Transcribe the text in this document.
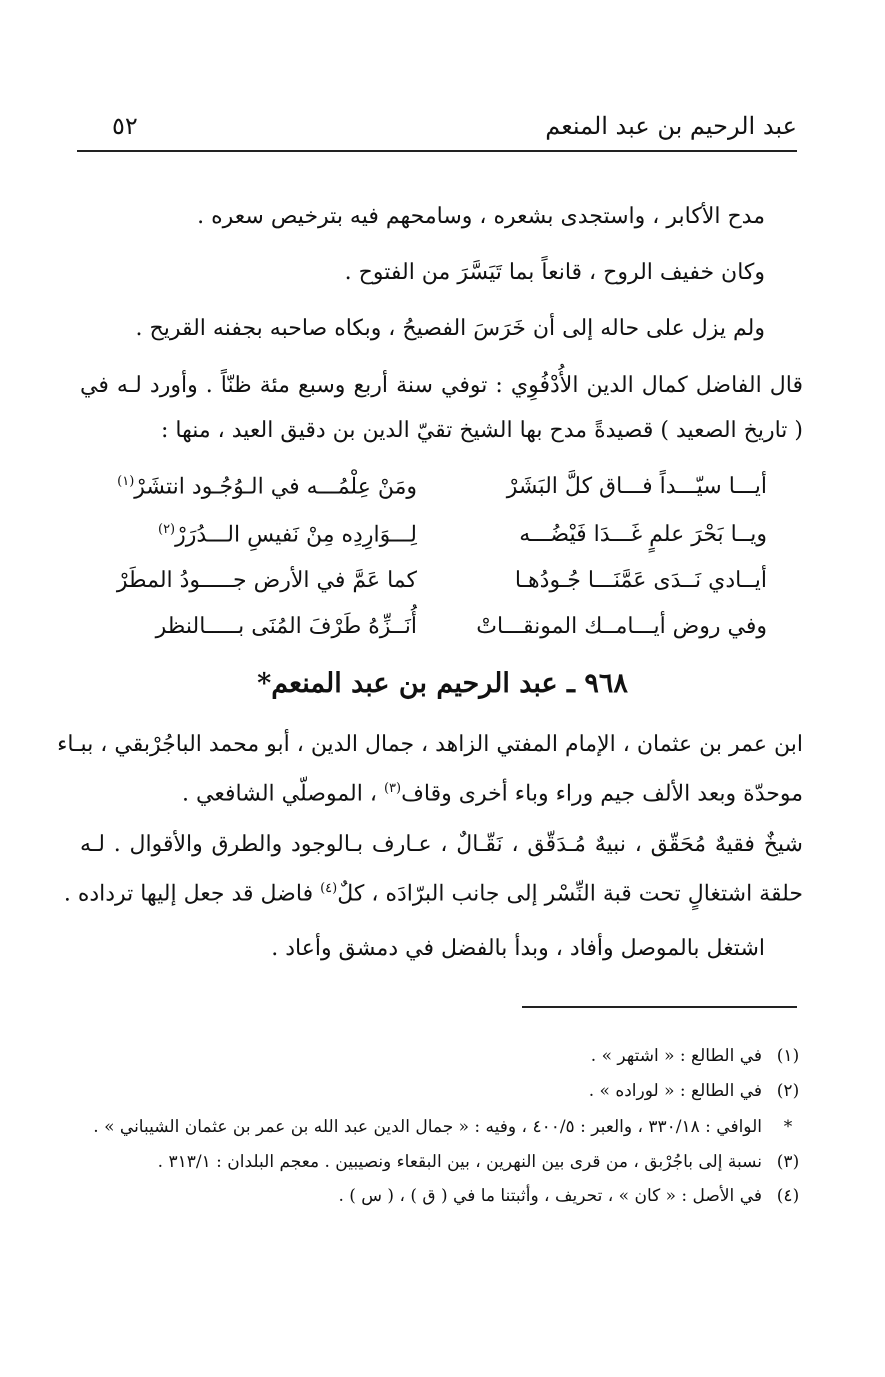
عبد الرحيم بن عبد المنعم
٥٢
مدح الأكابر ، واستجدى بشعره ، وسامحهم فيه بترخيص سعره .
وكان خفيف الروح ، قانعاً بما تَيَسَّرَ من الفتوح .
ولم يزل على حاله إلى أن خَرَسَ الفصيحُ ، وبكاه صاحبه بجفنه القريح .
قال الفاضل كمال الدين الأُدْفُوِي : توفي سنة أربع وسبع مئة ظنّاً . وأورد لـه في
( تاريخ الصعيد ) قصيدةً مدح بها الشيخ تقيّ الدين بن دقيق العيد ، منها :
أيـــا سيّـــداً فـــاق كلَّ البَشَرْ
ومَنْ عِلْمُـــه في الـوُجُـود انتشَرْ$^{(١)}$
ويــا بَحْرَ علمٍ غَـــدَا فَيْضُـــه
لِـــوَارِدِه مِنْ نَفيسِ الـــدُرَرْ$^{(٢)}$
أيــادي نَــدَى عَمَّنَـــا جُـودُهـا
كما عَمَّ في الأرض جـــــودُ المطَرْ
وفي روض أيـــامــك المونقـــاتْ
أُنَــزِّهُ طَرْفَ المُنَى بـــــالنظر
٩٦٨ ـ عبد الرحيم بن عبد المنعم*
ابن عمر بن عثمان ، الإمام المفتي الزاهد ، جمال الدين ، أبو محمد الباجُرْبقي ، ببـاء
موحدّة وبعد الألف جيم وراء وباء أخرى وقاف$^{(٣)}$ ، الموصلّي الشافعي .
شيخٌ فقيهٌ مُحَقّق ، نبيهٌ مُـدَقّق ، نَقّـالٌ ، عـارف بـالوجود والطرق والأقوال . لـه
حلقة اشتغالٍ تحت قبة النِّسْر إلى جانب البرّادَه ، كلٌ$^{(٤)}$ فاضل قد جعل إليها ترداده .
اشتغل بالموصل وأفاد ، وبدأ بالفضل في دمشق وأعاد .
(١)
في الطالع : « اشتهر » .
(٢)
في الطالع : « لوراده » .
*
الوافي : ٣٣٠/١٨ ، والعبر : ٤٠٠/٥ ، وفيه : « جمال الدين عبد الله بن عمر بن عثمان الشيباني » .
(٣)
نسبة إلى باجُرْبق ، من قرى بين النهرين ، بين البقعاء ونصيبين . معجم البلدان : ٣١٣/١ .
(٤)
في الأصل : « كان » ، تحريف ، وأثبتنا ما في ( ق ) ، ( س ) .
